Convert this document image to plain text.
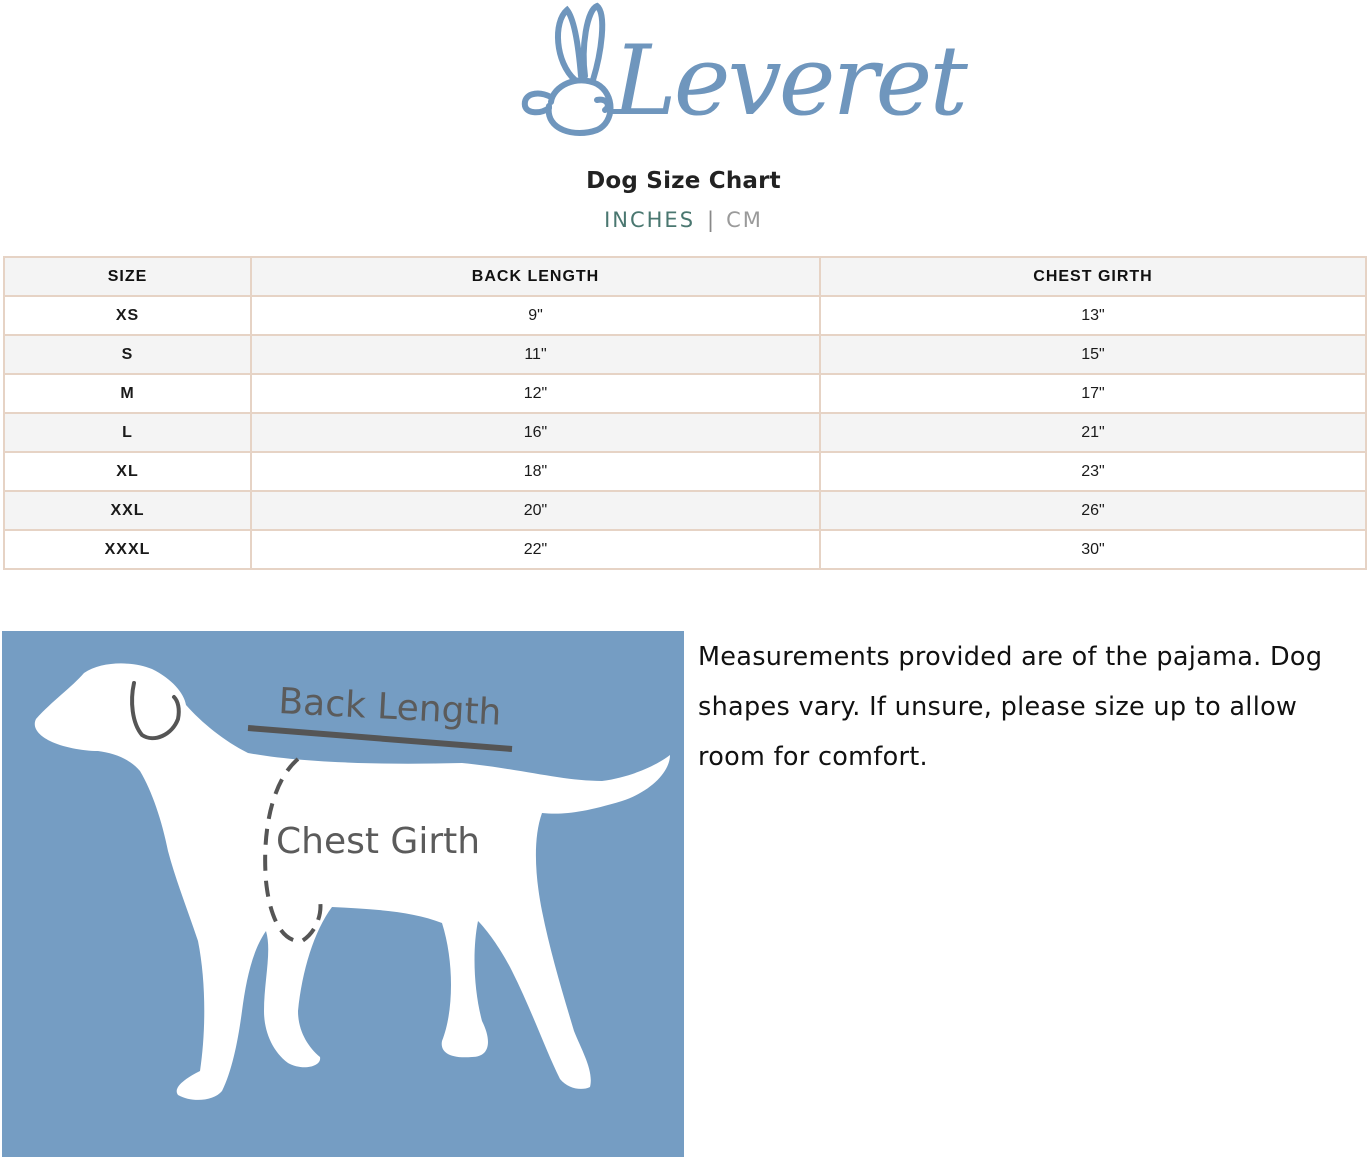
Leveret
Dog Size Chart
INCHES | CM
SIZE	BACK LENGTH	CHEST GIRTH
XS	9"	13"
S	11"	15"
M	12"	17"
L	16"	21"
XL	18"	23"
XXL	20"	26"
XXXL	22"	30"
Back Length
Chest Girth
Measurements provided are of the pajama. Dog shapes vary. If unsure, please size up to allow room for comfort.
